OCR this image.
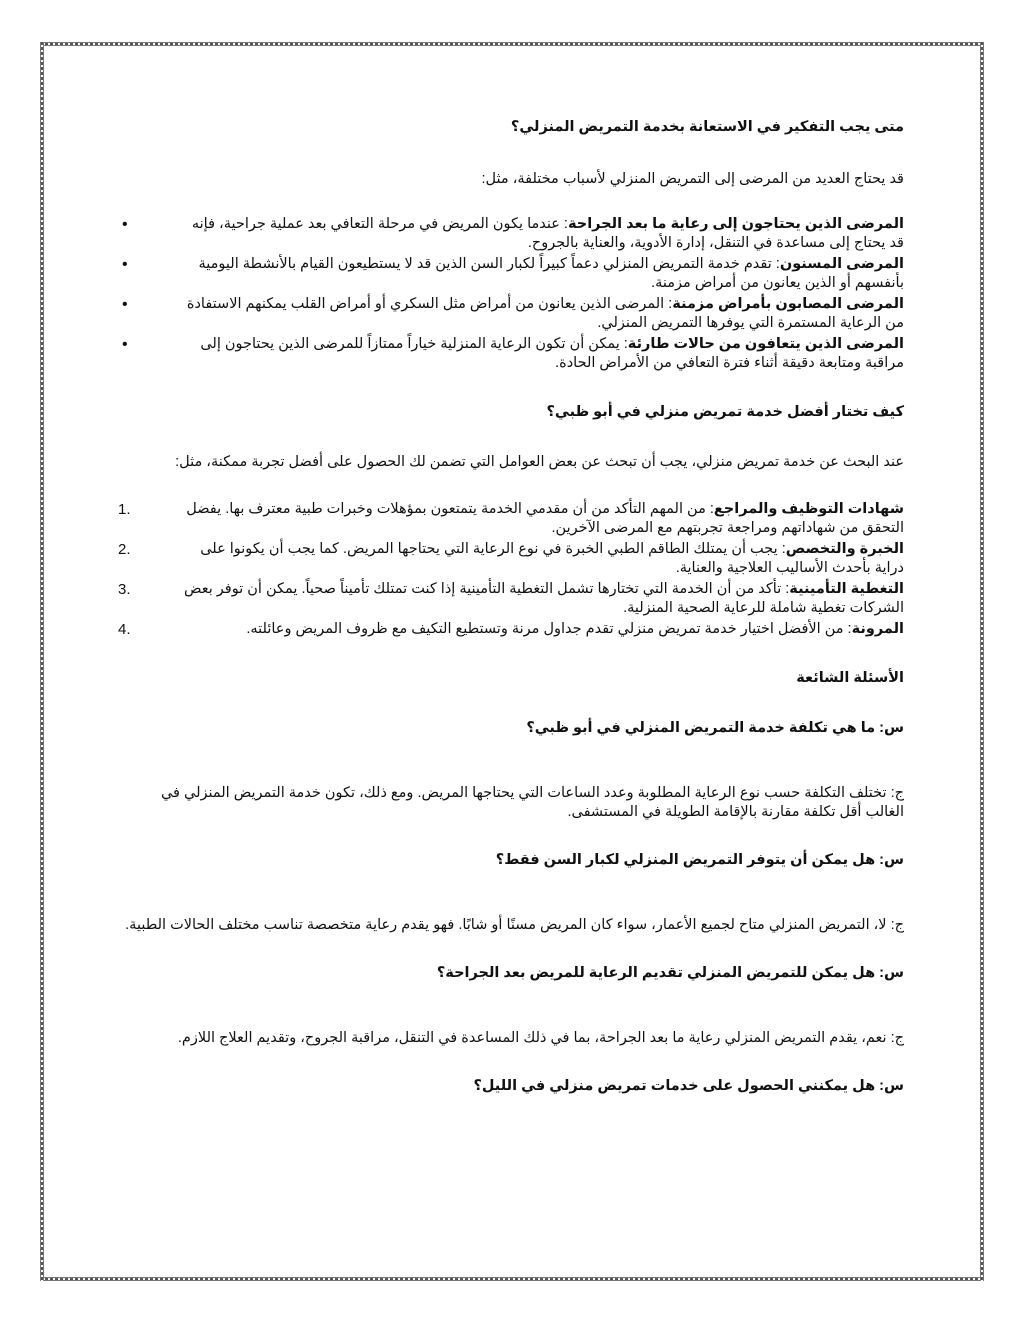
متى يجب التفكير في الاستعانة بخدمة التمريض المنزلي؟

قد يحتاج العديد من المرضى إلى التمريض المنزلي لأسباب مختلفة، مثل:

•	المرضى الذين يحتاجون إلى رعاية ما بعد الجراحة: عندما يكون المريض في مرحلة التعافي بعد عملية جراحية، فإنه قد يحتاج إلى مساعدة في التنقل، إدارة الأدوية، والعناية بالجروح.
•	المرضى المسنون: تقدم خدمة التمريض المنزلي دعماً كبيراً لكبار السن الذين قد لا يستطيعون القيام بالأنشطة اليومية بأنفسهم أو الذين يعانون من أمراض مزمنة.
•	المرضى المصابون بأمراض مزمنة: المرضى الذين يعانون من أمراض مثل السكري أو أمراض القلب يمكنهم الاستفادة من الرعاية المستمرة التي يوفرها التمريض المنزلي.
•	المرضى الذين يتعافون من حالات طارئة: يمكن أن تكون الرعاية المنزلية خياراً ممتازاً للمرضى الذين يحتاجون إلى مراقبة ومتابعة دقيقة أثناء فترة التعافي من الأمراض الحادة.

كيف تختار أفضل خدمة تمريض منزلي في أبو ظبي؟

عند البحث عن خدمة تمريض منزلي، يجب أن تبحث عن بعض العوامل التي تضمن لك الحصول على أفضل تجربة ممكنة، مثل:

1.	شهادات التوظيف والمراجع: من المهم التأكد من أن مقدمي الخدمة يتمتعون بمؤهلات وخبرات طبية معترف بها. يفضل التحقق من شهاداتهم ومراجعة تجربتهم مع المرضى الآخرين.
2.	الخبرة والتخصص: يجب أن يمتلك الطاقم الطبي الخبرة في نوع الرعاية التي يحتاجها المريض. كما يجب أن يكونوا على دراية بأحدث الأساليب العلاجية والعناية.
3.	التغطية التأمينية: تأكد من أن الخدمة التي تختارها تشمل التغطية التأمينية إذا كنت تمتلك تأميناً صحياً. يمكن أن توفر بعض الشركات تغطية شاملة للرعاية الصحية المنزلية.
4.	المرونة: من الأفضل اختيار خدمة تمريض منزلي تقدم جداول مرنة وتستطيع التكيف مع ظروف المريض وعائلته.

الأسئلة الشائعة

س: ما هي تكلفة خدمة التمريض المنزلي في أبو ظبي؟

ج: تختلف التكلفة حسب نوع الرعاية المطلوبة وعدد الساعات التي يحتاجها المريض. ومع ذلك، تكون خدمة التمريض المنزلي في الغالب أقل تكلفة مقارنة بالإقامة الطويلة في المستشفى.

س: هل يمكن أن يتوفر التمريض المنزلي لكبار السن فقط؟

ج: لا، التمريض المنزلي متاح لجميع الأعمار، سواء كان المريض مسنًا أو شابًا. فهو يقدم رعاية متخصصة تناسب مختلف الحالات الطبية.

س: هل يمكن للتمريض المنزلي تقديم الرعاية للمريض بعد الجراحة؟

ج: نعم، يقدم التمريض المنزلي رعاية ما بعد الجراحة، بما في ذلك المساعدة في التنقل، مراقبة الجروح، وتقديم العلاج اللازم.

س: هل يمكنني الحصول على خدمات تمريض منزلي في الليل؟
